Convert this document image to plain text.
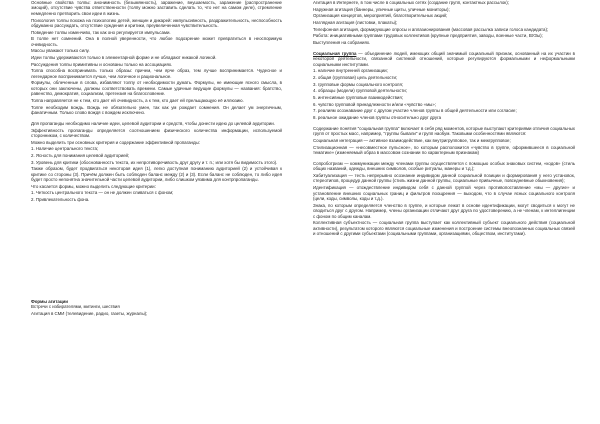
Основные свойства толпы: анонимность (безымянность), заражение, внушаемость, заражение (распространение эмоций), отсутствие чувства ответственности (толпу можно заставить сделать то, что нет на самом деле), стремление немедленно претворить свои идеи в жизнь.

Психология толпы похожа на психологию детей, женщин и дикарей: импульсивность, раздражительность, неспособность обдуманно рассуждать, отсутствие суждения и критики, преувеличенная чувствительность.

Поведение толпы изменчиво, так как оно регулируется импульсами.

В толпе нет сомнений. Она в полной уверенности, что любое подозрение может превратиться в неоспоримую очевидность.

Массы уважают только силу.

Идеи толпы удерживаются только в элементарной форме и не обладают никакой логикой.

Рассуждения толпы примитивны и основаны только на ассоциациях.

Толпа способна воспринимать только образы: причем, чем ярче образ, тем лучше воспринимается. Чудесное и легендарное воспринимается лучше, чем логичное и рациональное.

Формулы, облеченные в слова, избавляют толпу от необходимости думать. Формулы, не имеющие ясного смысла, в которых они заключены, должны соответствовать времени. Самые удачные ведущие формулы — названия: братство, равенство, демократия, социализм, претензия на благословение.

Толпа направляется не к тем, кто дает ей очевидность, а к тем, кто дает ей прельщающую её иллюзию.

Толпе необходим вождь. Вождь не обязательно умен, так как ум рождает сомнения. Он делает ум энергичным, фанатичным. Только слово вождя с вождем исключено.

Для пропаганды необходимо наличие идеи, целевой аудитории и средств, чтобы донести идею до целевой аудитории.

Эффективность пропаганды определяется соотношением физического количества информации, используемой сторонником, с количеством.

Можно выделить три основных критерия и содержание эффективной пропаганды:

1. Наличие центрального текста;

2. Ясность для понимания целевой аудиторией;

3. Уровень для критики (обоснованность текста, их непротиворечивость друг другу и т. п.; или хотя бы видимость этого).

Также образом, будет продвигаться некоторая идея (1), легко доступная пониманию аудиторией (2) и устойчивая к критике со стороны (3). Причём должен быть соблюден баланс между (2) и (3). Если баланс не соблюден, то либо идея будет просто непонятна значительной части целевой аудитории, либо слишком уязвима для контрпропаганды.

Что касается формы, можно выделить следующие критерии:

1. Четкость центрального текста — он не должен сливаться с фоном;

2. Привлекательность фона.

Формы агитации

Встречи с избирателями, митинги, шествия

Агитация в СМИ (телевидение, радио, газеты, журналы);

Агитация в Интернете, в том числе в социальных сетях (создание групп, контактных рассылок);

Наружная агитация (баннеры, уличные щиты, уличные мониторы);

Организация концертов, мероприятий, благотворительных акций;

Наглядная агитация (листовки, плакаты);

Телефонная агитация, формирующие опросы и аплазионирования (массовая рассылка записи голоса кандидата);

Работа: инициативными группами трудовых коллективов (крупные предприятия, заводы, военные части, ВУЗы);

Выступления на собраниях.

Социальная группа — объединение людей, имеющих общий значимый социальный признак, основанный на их участии в некоторой деятельности, связанной системой отношений, которые регулируются формальными и неформальными социальными институтами.

1. наличие внутренней организации;

2. общая (групповая) цель деятельности;

3. групповые формы социального контроля;

4. образцы (модели) групповой деятельности;

5. интенсивные групповые взаимодействия;

6. чувство групповой принадлежности и/или «чувство «мы»;

7. реалиям осознавание друг с другом участие членов группы в общей деятельности или согласие;

8. реальное ожидание членов группы относительно друг друга

Содержание понятия "социальная группа" включает в себя ряд моментов, которые выступают критериями отличия социальных групп от простых масс, например, "группы бывали" и групп наобум. Таковыми особенностями являются:

Социальная интеграция — активное взаимодействие, как внутригрупповое, так и межгрупповое;

Стилизационная — «несовместное пульсное», по которым расположится «чувство в группе, оформившееся в социальной тематике» (изменяемый образ в массовом сознании по характерным признакам)

Сопроботризм — коммуникации между членами группы осуществляется с помощью особых знаковых систем, «кодов» (стиль общих названий, одежды, внешних символов, особые ритуалы, манеры и т.д.);

Хабитуализация — тесть непрерывно осознание индивидом данной социальной позиции и формирования у него установок, стереотипов, процедур данной группы (стиль жизни данной группы, социальные привычные, повседневные обыкновения);

Идентификация — отождествление индивидом себя с данной группой через противопоставление «мы — другие» и установление внешних социальных границ и фильтров поощрения — выходом, что в случае ясных социального контроля (цели, коды, символы, коды и т.д.).

Знака, по которым определяется членство в группе, и которые лежат в основе идентификации, могут сводиться к могут не сводиться друг с другом. Например, члены организации отличают друг друга по удостоверению, а не членам, к интеллигенции с фоном по общим каналам.

Коллективная субъектность — социальная группа выступает как коллективный субъект социального действия (социальной активности), результатом которого являются социальные изменения и построение системы внеопознанных социальных связей и отношений с другими субъектами (социальными группами, организациями, обществом, институтами).
